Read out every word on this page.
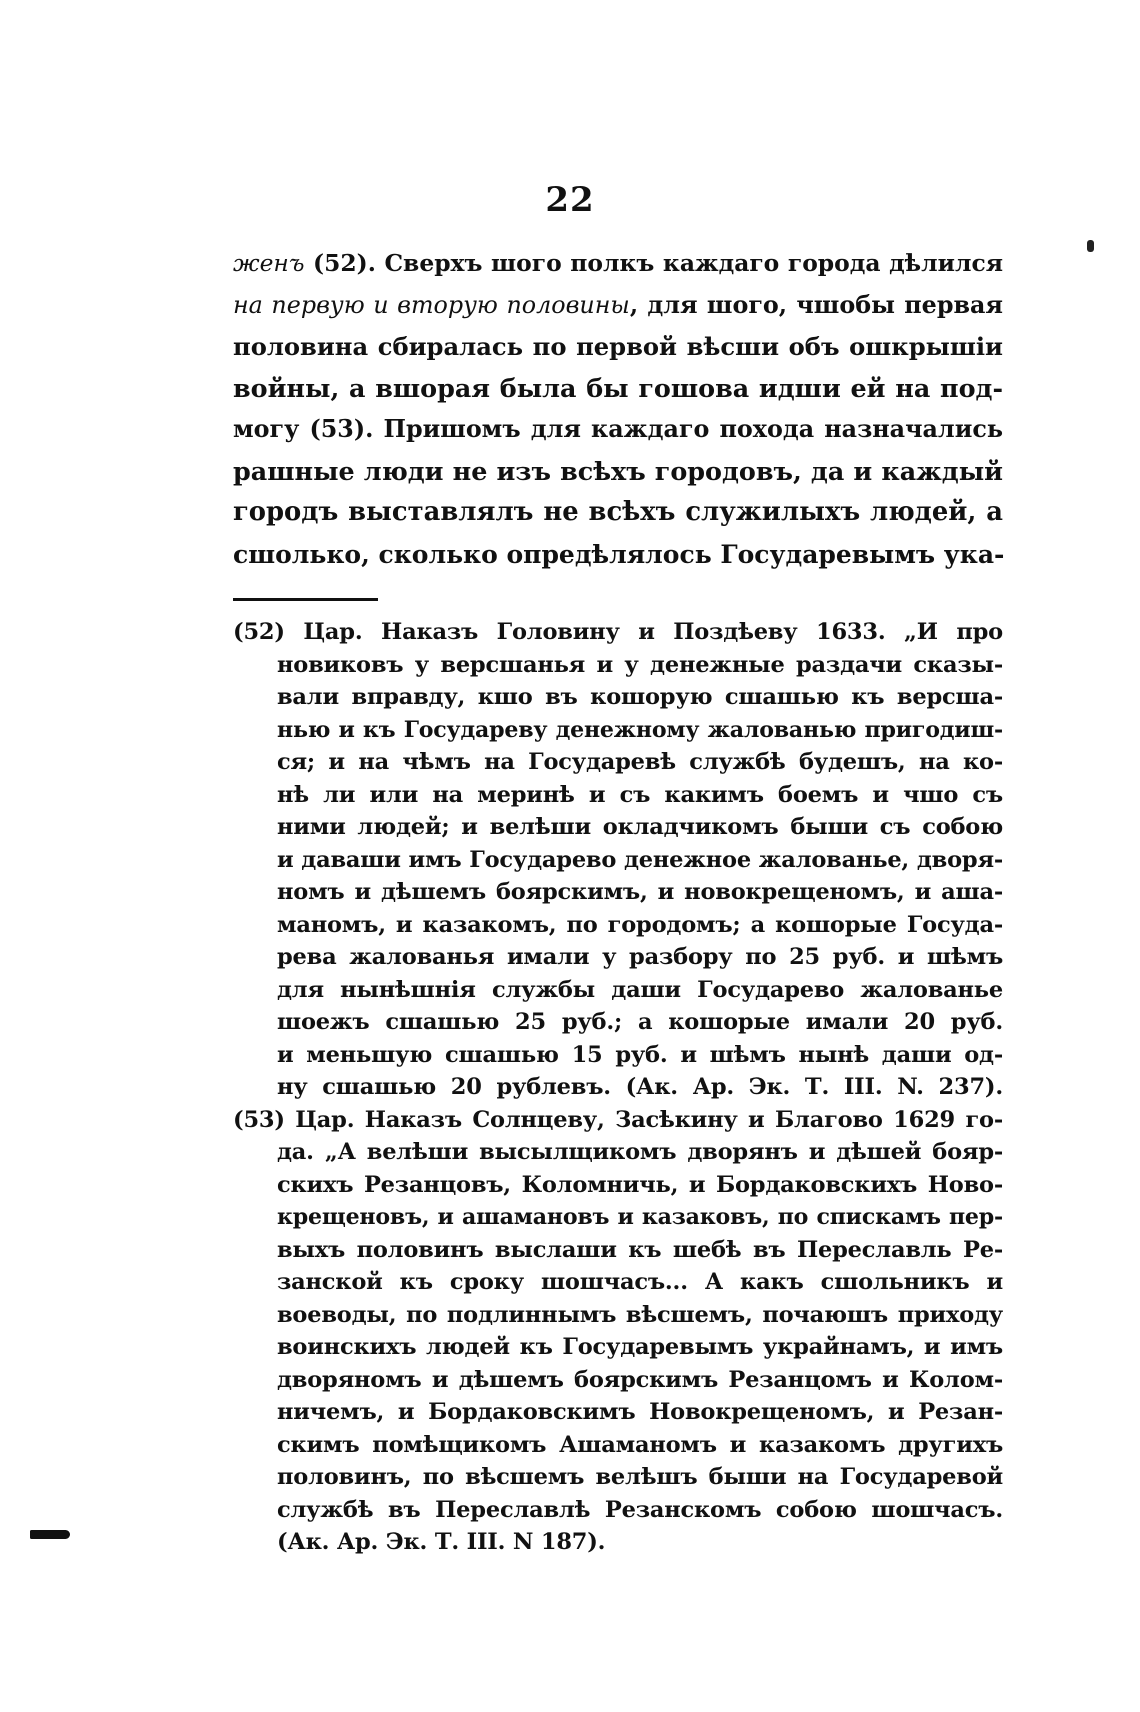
22
женъ (52). Сверхъ шого полкъ каждаго города дѣлился
на первую и вторую половины, для шого, чшобы первая
половина сбиралась по первой вѣсши объ ошкрышіи
войны, а вшорая была бы гошова идши ей на под-
могу (53). Пришомъ для каждаго похода назначались
рашные люди не изъ всѣхъ городовъ, да и каждый
городъ выставлялъ не всѣхъ служилыхъ людей, а
сшолько, сколько опредѣлялось Государевымъ ука-
(52) Цар. Наказъ Головину и Поздѣеву 1633. „И про
новиковъ у версшанья и у денежные раздачи сказы-
вали вправду, кшо въ кошорую сшашью къ версша-
нью и къ Государеву денежному жалованью пригодиш-
ся; и на чѣмъ на Государевѣ службѣ будешъ, на ко-
нѣ ли или на меринѣ и съ какимъ боемъ и чшо съ
ними людей; и велѣши окладчикомъ быши съ собою
и даваши имъ Государево денежное жалованье, дворя-
номъ и дѣшемъ боярскимъ, и новокрещеномъ, и аша-
маномъ, и казакомъ, по городомъ; а кошорые Госуда-
рева жалованья имали у разбору по 25 руб. и шѣмъ
для нынѣшнія службы даши Государево жалованье
шоежъ сшашью 25 руб.; а кошорые имали 20 руб.
и меньшую сшашью 15 руб. и шѣмъ нынѣ даши од-
ну сшашью 20 рублевъ. (Ак. Ар. Эк. Т. III. N. 237).
(53) Цар. Наказъ Солнцеву, Засѣкину и Благово 1629 го-
да. „А велѣши высылщикомъ дворянъ и дѣшей бояр-
скихъ Резанцовъ, Коломничь, и Бордаковскихъ Ново-
крещеновъ, и ашамановъ и казаковъ, по спискамъ пер-
выхъ половинъ выслаши къ шебѣ въ Переславль Ре-
занской къ сроку шошчасъ... А какъ сшольникъ и
воеводы, по подлиннымъ вѣсшемъ, почаюшъ приходу
воинскихъ людей къ Государевымъ украйнамъ, и имъ
дворяномъ и дѣшемъ боярскимъ Резанцомъ и Колом-
ничемъ, и Бордаковскимъ Новокрещеномъ, и Резан-
скимъ помѣщикомъ Ашаманомъ и казакомъ другихъ
половинъ, по вѣсшемъ велѣшъ быши на Государевой
службѣ въ Переславлѣ Резанскомъ собою шошчасъ.
(Ак. Ар. Эк. Т. III. N 187).
